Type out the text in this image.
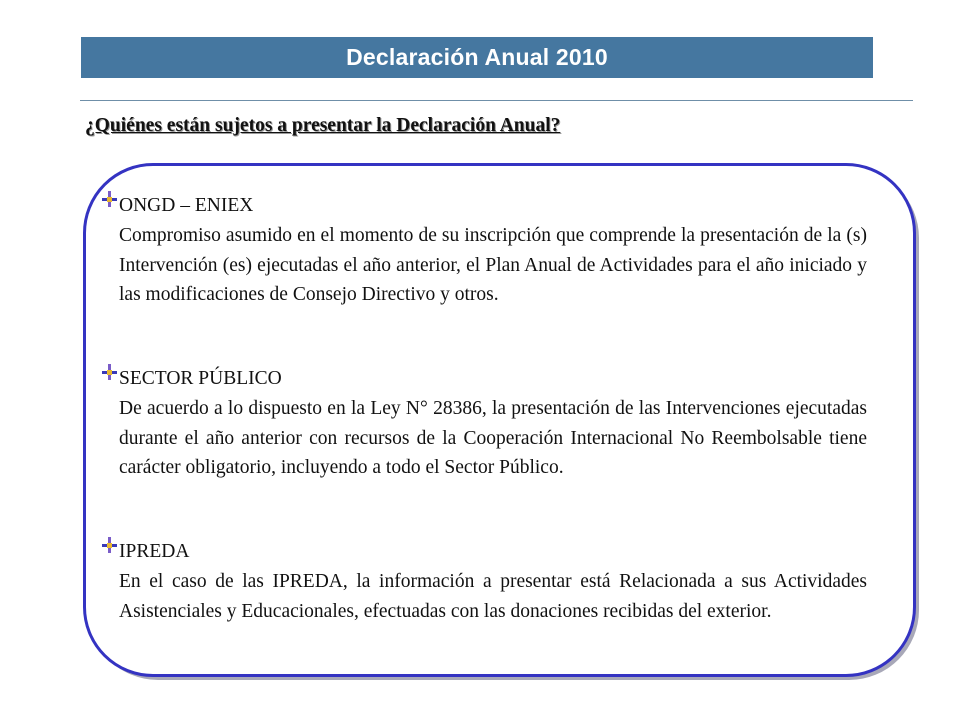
Declaración Anual 2010
¿Quiénes están sujetos a presentar la Declaración Anual?
ONGD – ENIEX
Compromiso asumido en el momento de su inscripción que comprende la presentación de la (s) Intervención (es) ejecutadas el año anterior, el Plan Anual de Actividades para el año iniciado y las modificaciones de Consejo Directivo y otros.
SECTOR PÚBLICO
De acuerdo a lo dispuesto en la Ley N° 28386, la presentación de las Intervenciones ejecutadas durante el año anterior con recursos de la Cooperación Internacional No Reembolsable tiene carácter obligatorio, incluyendo a todo el Sector Público.
IPREDA
En el caso de las IPREDA, la información a presentar está Relacionada a sus Actividades Asistenciales y Educacionales, efectuadas con las donaciones recibidas del exterior.
